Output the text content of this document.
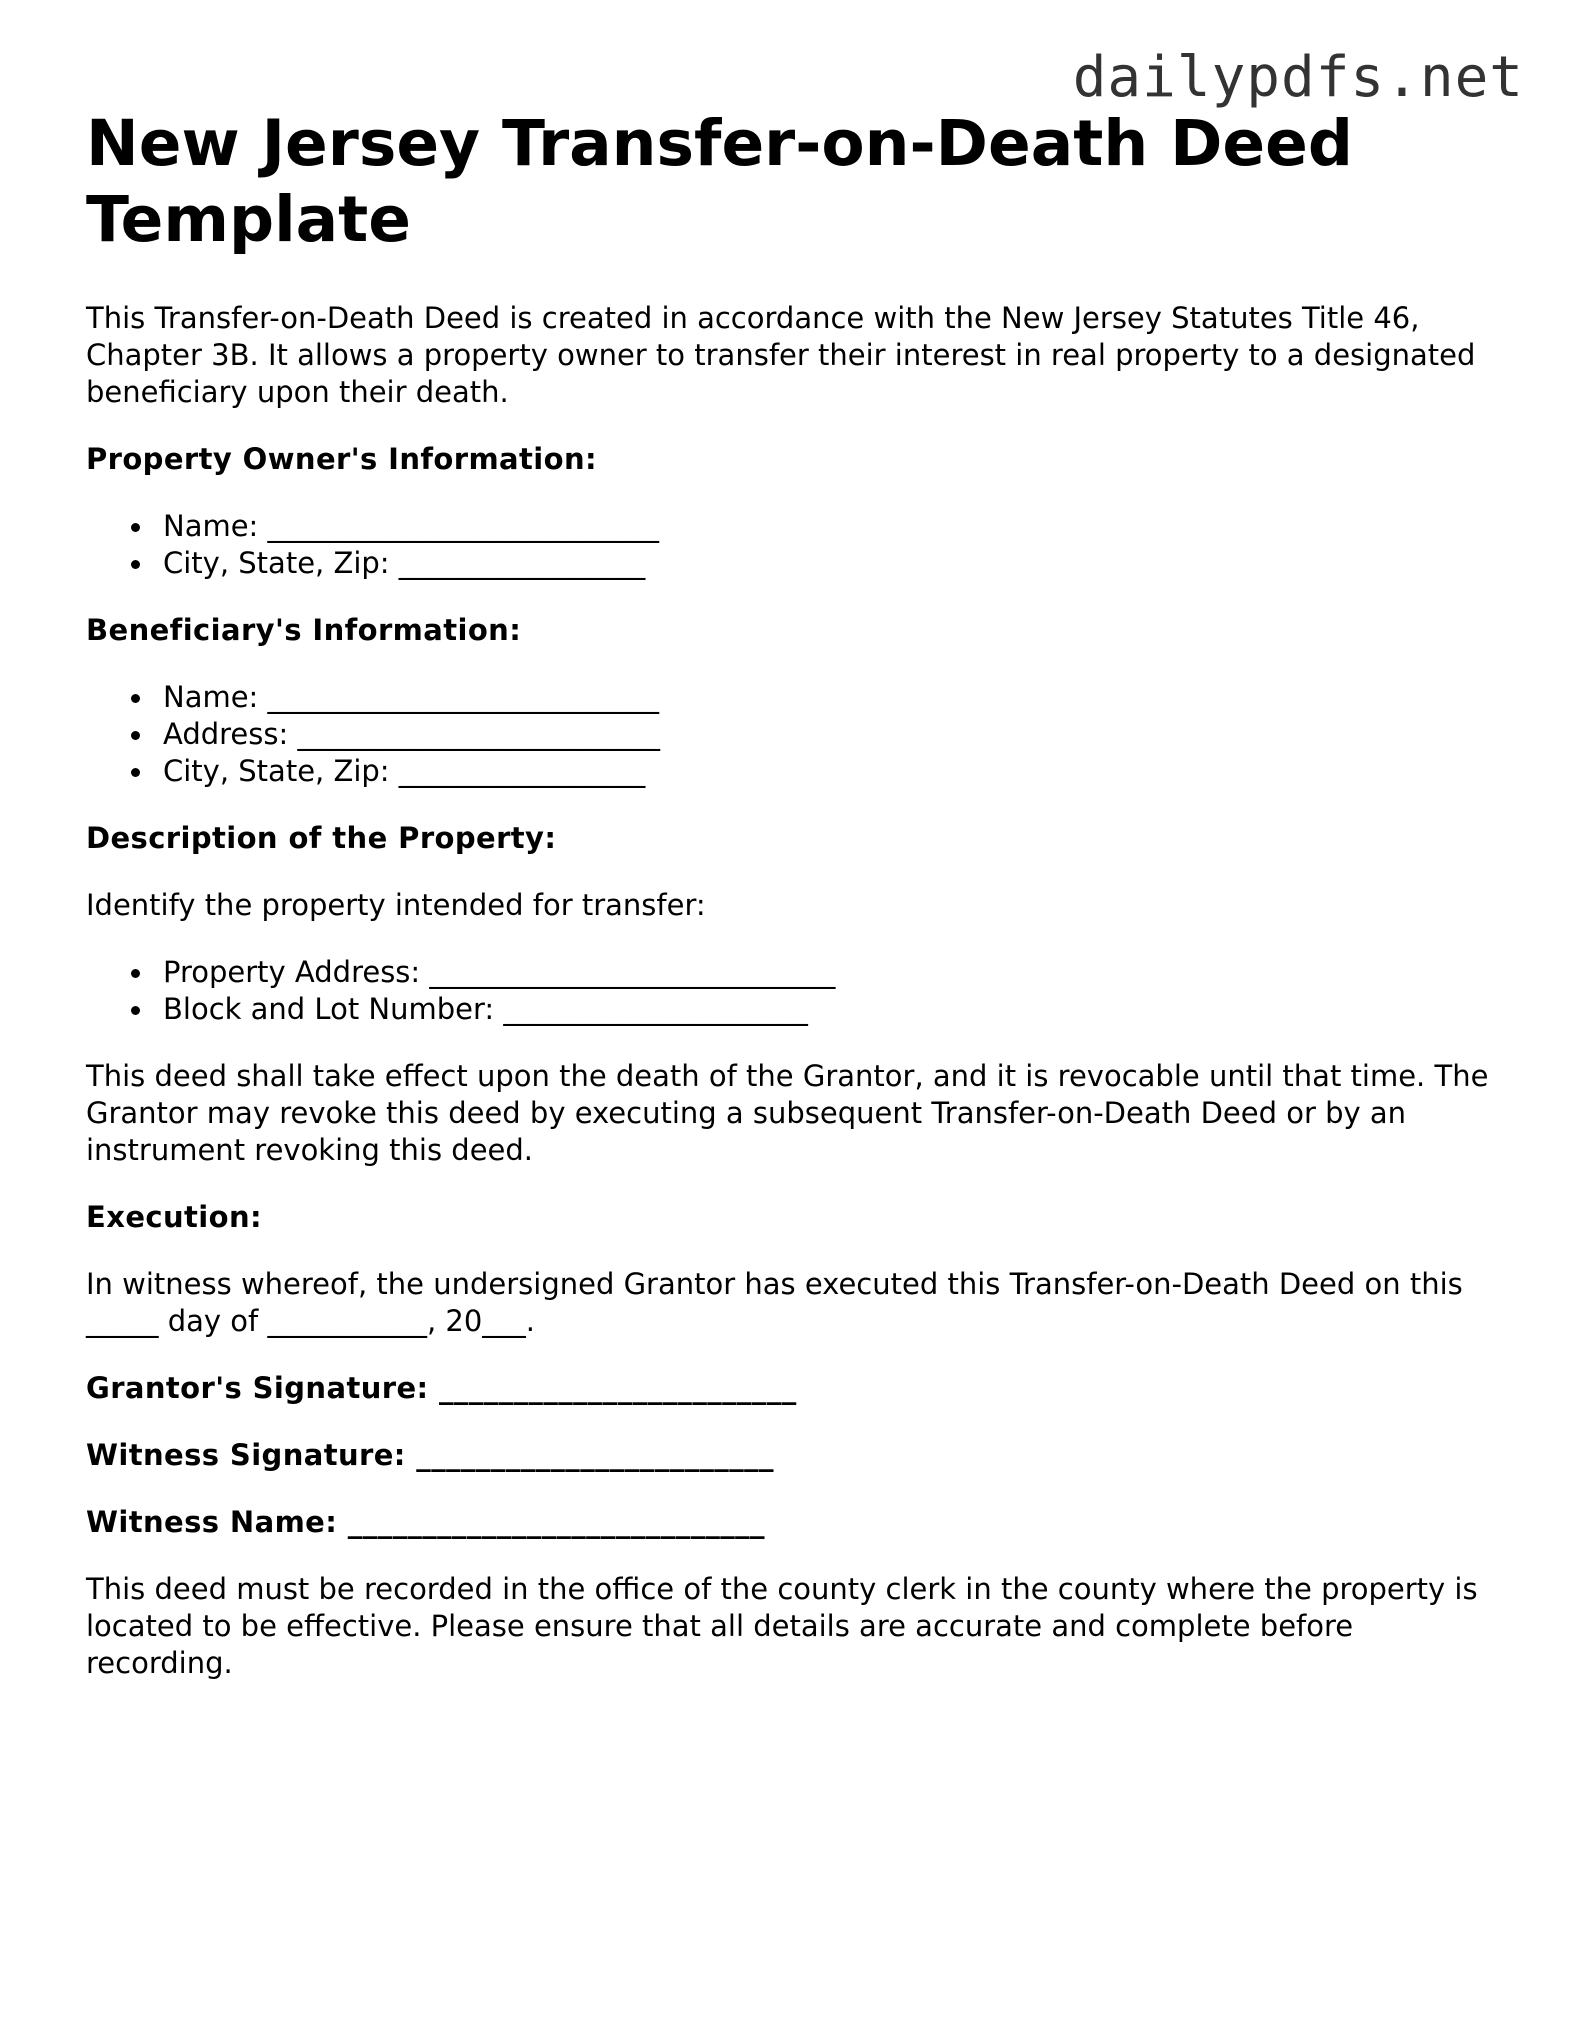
dailypdfs.net
New Jersey Transfer-on-Death Deed Template

This Transfer-on-Death Deed is created in accordance with the New Jersey Statutes Title 46, Chapter 3B. It allows a property owner to transfer their interest in real property to a designated beneficiary upon their death.

Property Owner's Information:
Name: ___________________________
City, State, Zip: _________________
Beneficiary's Information:
Name: ___________________________
Address: _________________________
City, State, Zip: _________________
Description of the Property:

Identify the property intended for transfer:

Property Address: ____________________________
Block and Lot Number: _____________________

This deed shall take effect upon the death of the Grantor, and it is revocable until that time. The Grantor may revoke this deed by executing a subsequent Transfer-on-Death Deed or by an instrument revoking this deed.

Execution:

In witness whereof, the undersigned Grantor has executed this Transfer-on-Death Deed on this _____ day of ___________, 20___.

Grantor's Signature: ________________________
Witness Signature: ________________________
Witness Name: ____________________________

This deed must be recorded in the office of the county clerk in the county where the property is located to be effective. Please ensure that all details are accurate and complete before recording.
